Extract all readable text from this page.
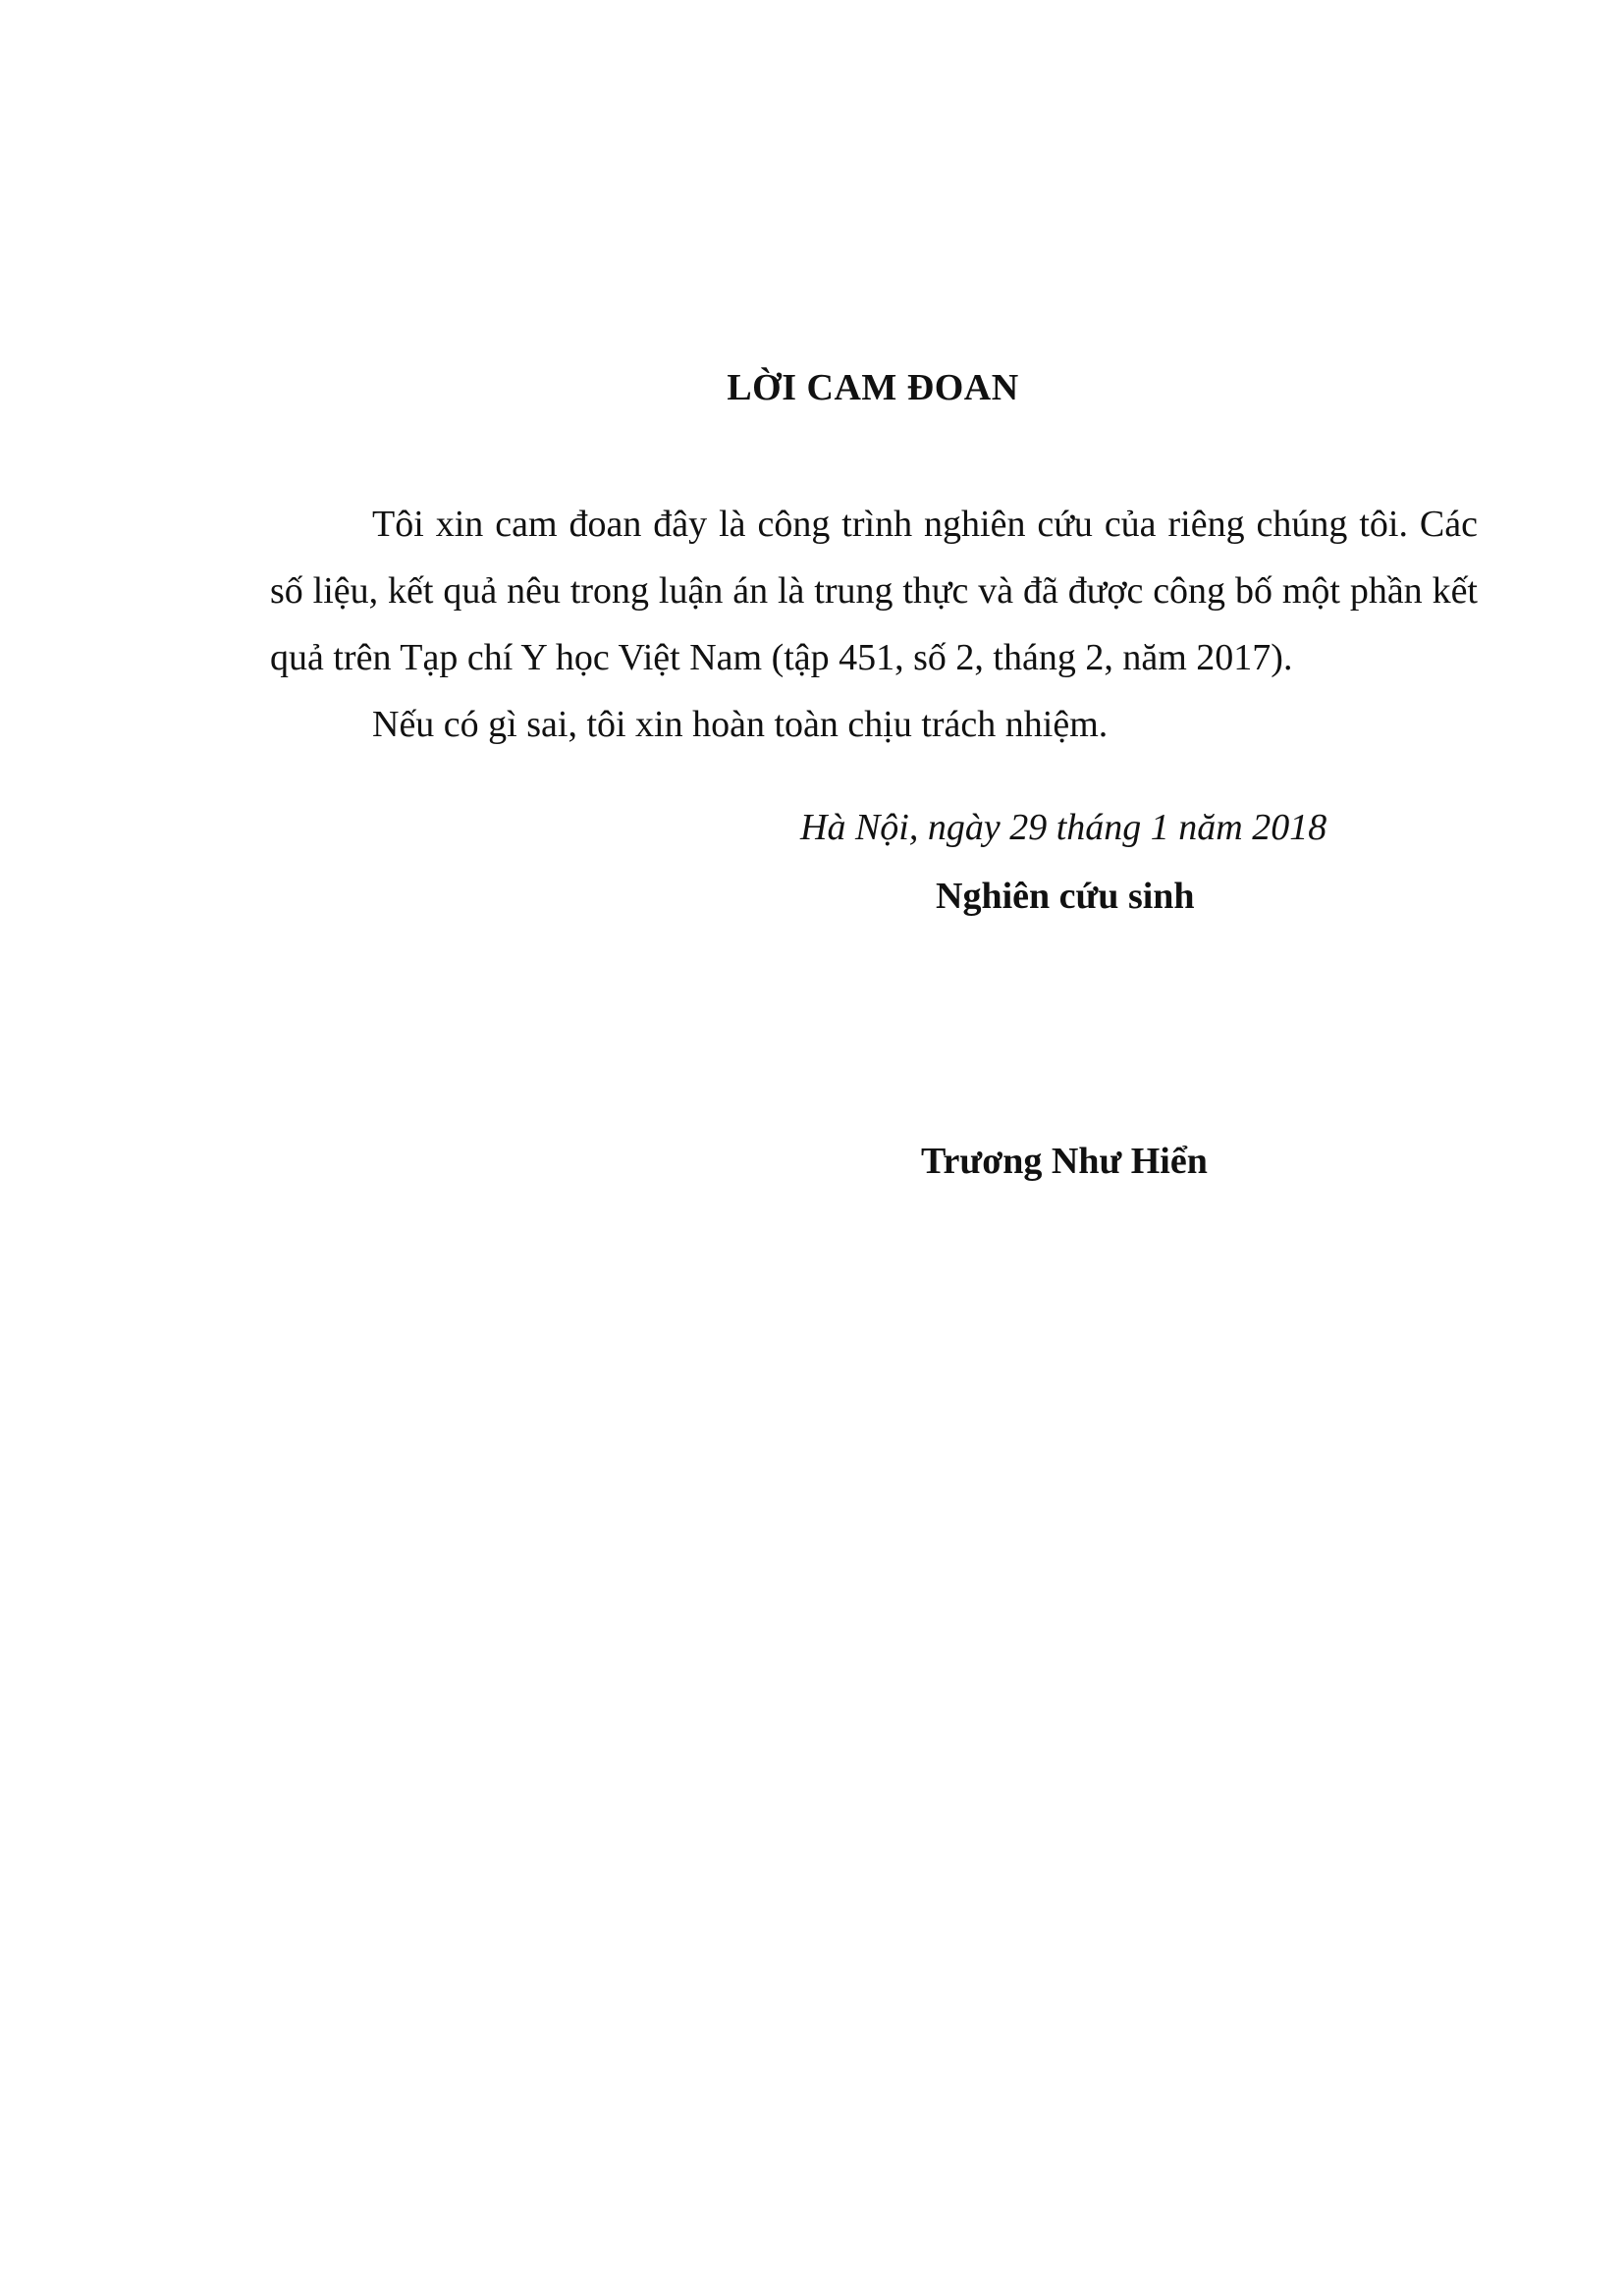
LỜI CAM ĐOAN

Tôi xin cam đoan đây là công trình nghiên cứu của riêng chúng tôi. Các số liệu, kết quả nêu trong luận án là trung thực và đã được công bố một phần kết quả trên Tạp chí Y học Việt Nam (tập 451, số 2, tháng 2, năm 2017).

Nếu có gì sai, tôi xin hoàn toàn chịu trách nhiệm.

Hà Nội, ngày 29 tháng 1 năm 2018
Nghiên cứu sinh
Trương Như Hiển
